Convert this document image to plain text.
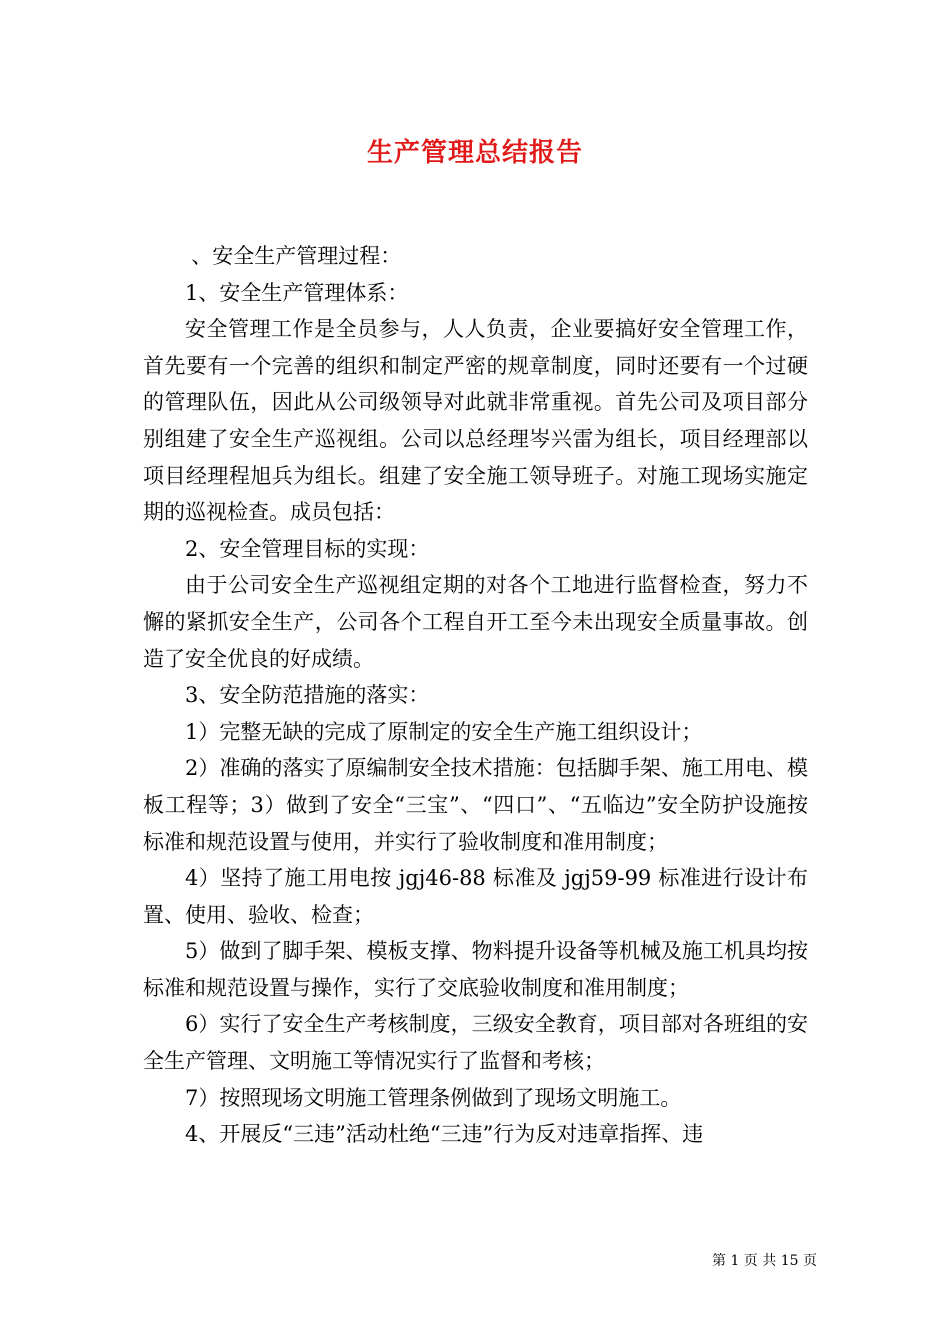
生产管理总结报告

、安全生产管理过程：

1、安全生产管理体系：

安全管理工作是全员参与，人人负责，企业要搞好安全管理工作，首先要有一个完善的组织和制定严密的规章制度，同时还要有一个过硬的管理队伍，因此从公司级领导对此就非常重视。首先公司及项目部分别组建了安全生产巡视组。公司以总经理岑兴雷为组长，项目经理部以项目经理程旭兵为组长。组建了安全施工领导班子。对施工现场实施定期的巡视检查。成员包括：

2、安全管理目标的实现：

由于公司安全生产巡视组定期的对各个工地进行监督检查，努力不懈的紧抓安全生产，公司各个工程自开工至今未出现安全质量事故。创造了安全优良的好成绩。

3、安全防范措施的落实：

1）完整无缺的完成了原制定的安全生产施工组织设计；

2）准确的落实了原编制安全技术措施：包括脚手架、施工用电、模板工程等；3）做到了安全“三宝”、“四口”、“五临边”安全防护设施按标准和规范设置与使用，并实行了验收制度和准用制度；

4）坚持了施工用电按 jgj46-88 标准及 jgj59-99 标准进行设计布置、使用、验收、检查；

5）做到了脚手架、模板支撑、物料提升设备等机械及施工机具均按标准和规范设置与操作，实行了交底验收制度和准用制度；

6）实行了安全生产考核制度，三级安全教育，项目部对各班组的安全生产管理、文明施工等情况实行了监督和考核；

7）按照现场文明施工管理条例做到了现场文明施工。

4、开展反“三违”活动杜绝“三违”行为反对违章指挥、违

第 1 页 共 15 页
